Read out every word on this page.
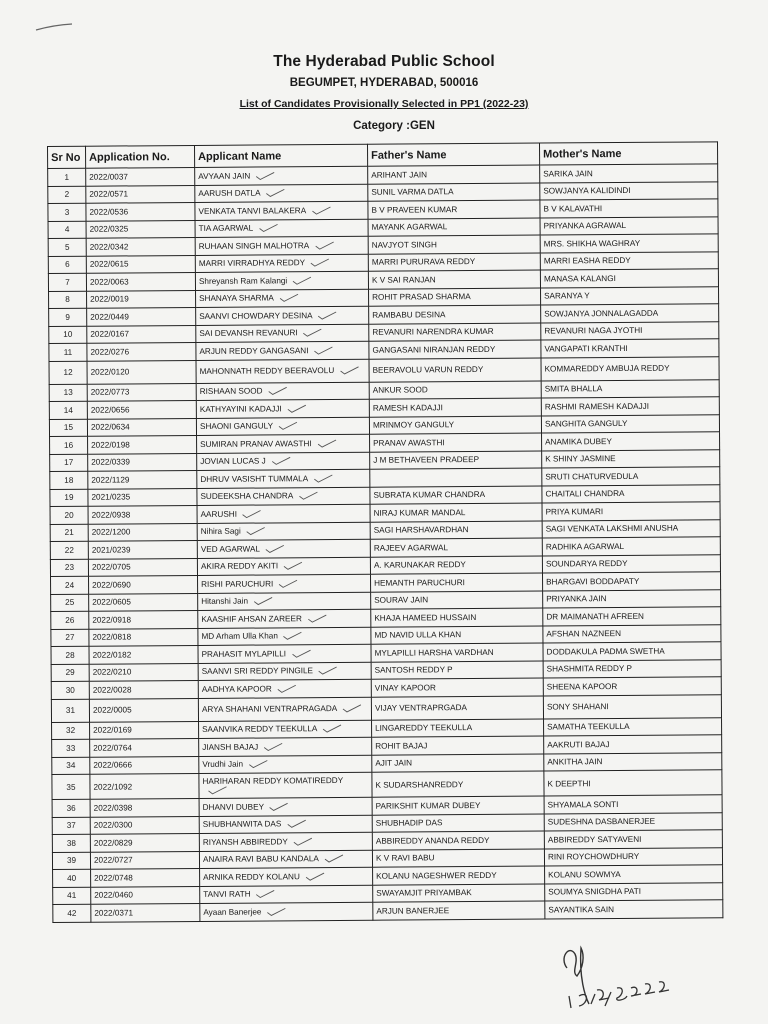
The Hyderabad Public School

BEGUMPET, HYDERABAD, 500016

List of Candidates Provisionally Selected in PP1 (2022-23)

Category :GEN

Sr No	Application No.	Applicant Name	Father's Name	Mother's Name
1	2022/0037	AVYAAN JAIN	ARIHANT JAIN	SARIKA JAIN
2	2022/0571	AARUSH DATLA	SUNIL VARMA DATLA	SOWJANYA KALIDINDI
3	2022/0536	VENKATA TANVI BALAKERA	B V PRAVEEN KUMAR	B V KALAVATHI
4	2022/0325	TIA AGARWAL	MAYANK AGARWAL	PRIYANKA AGRAWAL
5	2022/0342	RUHAAN SINGH MALHOTRA	NAVJYOT SINGH	MRS. SHIKHA WAGHRAY
6	2022/0615	MARRI VIRRADHYA REDDY	MARRI PURURAVA REDDY	MARRI EASHA REDDY
7	2022/0063	Shreyansh Ram Kalangi	K V SAI RANJAN	MANASA KALANGI
8	2022/0019	SHANAYA SHARMA	ROHIT PRASAD SHARMA	SARANYA Y
9	2022/0449	SAANVI CHOWDARY DESINA	RAMBABU DESINA	SOWJANYA JONNALAGADDA
10	2022/0167	SAI DEVANSH REVANURI	REVANURI NARENDRA KUMAR	REVANURI NAGA JYOTHI
11	2022/0276	ARJUN REDDY GANGASANI	GANGASANI NIRANJAN REDDY	VANGAPATI KRANTHI
12	2022/0120	MAHONNATH REDDY BEERAVOLU	BEERAVOLU VARUN REDDY	KOMMAREDDY AMBUJA REDDY
13	2022/0773	RISHAAN SOOD	ANKUR SOOD	SMITA BHALLA
14	2022/0656	KATHYAYINI KADAJJI	RAMESH KADAJJI	RASHMI RAMESH KADAJJI
15	2022/0634	SHAONI GANGULY	MRINMOY GANGULY	SANGHITA GANGULY
16	2022/0198	SUMIRAN PRANAV AWASTHI	PRANAV AWASTHI	ANAMIKA DUBEY
17	2022/0339	JOVIAN LUCAS J	J M BETHAVEEN PRADEEP	K SHINY JASMINE
18	2022/1129	DHRUV VASISHT TUMMALA		SRUTI CHATURVEDULA
19	2021/0235	SUDEEKSHA CHANDRA	SUBRATA KUMAR CHANDRA	CHAITALI CHANDRA
20	2022/0938	AARUSHI	NIRAJ KUMAR MANDAL	PRIYA KUMARI
21	2022/1200	Nihira Sagi	SAGI HARSHAVARDHAN	SAGI VENKATA LAKSHMI ANUSHA
22	2021/0239	VED AGARWAL	RAJEEV AGARWAL	RADHIKA AGARWAL
23	2022/0705	AKIRA REDDY AKITI	A. KARUNAKAR REDDY	SOUNDARYA REDDY
24	2022/0690	RISHI PARUCHURI	HEMANTH PARUCHURI	BHARGAVI BODDAPATY
25	2022/0605	Hitanshi Jain	SOURAV JAIN	PRIYANKA JAIN
26	2022/0918	KAASHIF AHSAN ZAREER	KHAJA HAMEED HUSSAIN	DR MAIMANATH AFREEN
27	2022/0818	MD Arham Ulla Khan	MD NAVID ULLA KHAN	AFSHAN NAZNEEN
28	2022/0182	PRAHASIT MYLAPILLI	MYLAPILLI HARSHA VARDHAN	DODDAKULA PADMA SWETHA
29	2022/0210	SAANVI SRI REDDY PINGILE	SANTOSH REDDY P	SHASHMITA REDDY P
30	2022/0028	AADHYA KAPOOR	VINAY KAPOOR	SHEENA KAPOOR
31	2022/0005	ARYA SHAHANI VENTRAPRAGADA	VIJAY VENTRAPRGADA	SONY SHAHANI
32	2022/0169	SAANVIKA REDDY TEEKULLA	LINGAREDDY TEEKULLA	SAMATHA TEEKULLA
33	2022/0764	JIANSH BAJAJ	ROHIT BAJAJ	AAKRUTI BAJAJ
34	2022/0666	Vrudhi Jain	AJIT JAIN	ANKITHA JAIN
35	2022/1092	HARIHARAN REDDY KOMATIREDDY	K SUDARSHANREDDY	K DEEPTHI
36	2022/0398	DHANVI DUBEY	PARIKSHIT KUMAR DUBEY	SHYAMALA SONTI
37	2022/0300	SHUBHANWITA DAS	SHUBHADIP DAS	SUDESHNA DASBANERJEE
38	2022/0829	RIYANSH ABBIREDDY	ABBIREDDY ANANDA REDDY	ABBIREDDY SATYAVENI
39	2022/0727	ANAIRA RAVI BABU KANDALA	K V RAVI BABU	RINI ROYCHOWDHURY
40	2022/0748	ARNIKA REDDY KOLANU	KOLANU NAGESHWER REDDY	KOLANU SOWMYA
41	2022/0460	TANVI RATH	SWAYAMJIT PRIYAMBAK	SOUMYA SNIGDHA PATI
42	2022/0371	Ayaan Banerjee	ARJUN BANERJEE	SAYANTIKA SAIN
